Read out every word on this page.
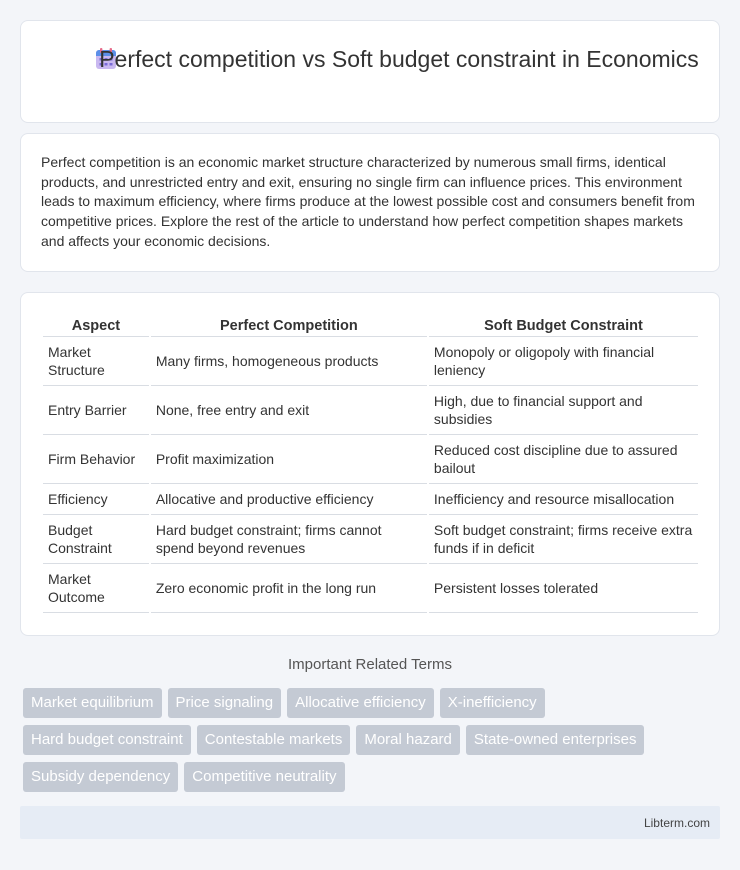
Perfect competition vs Soft budget constraint in Economics

Perfect competition is an economic market structure characterized by numerous small firms, identical products, and unrestricted entry and exit, ensuring no single firm can influence prices. This environment leads to maximum efficiency, where firms produce at the lowest possible cost and consumers benefit from competitive prices. Explore the rest of the article to understand how perfect competition shapes markets and affects your economic decisions.

Aspect	Perfect Competition	Soft Budget Constraint
Market Structure	Many firms, homogeneous products	Monopoly or oligopoly with financial leniency
Entry Barrier	None, free entry and exit	High, due to financial support and subsidies
Firm Behavior	Profit maximization	Reduced cost discipline due to assured bailout
Efficiency	Allocative and productive efficiency	Inefficiency and resource misallocation
Budget Constraint	Hard budget constraint; firms cannot spend beyond revenues	Soft budget constraint; firms receive extra funds if in deficit
Market Outcome	Zero economic profit in the long run	Persistent losses tolerated
Important Related Terms
Market equilibrium	Price signaling	Allocative efficiency	X-inefficiency
Hard budget constraint	Contestable markets	Moral hazard	State-owned enterprises
Subsidy dependency	Competitive neutrality
Libterm.com
